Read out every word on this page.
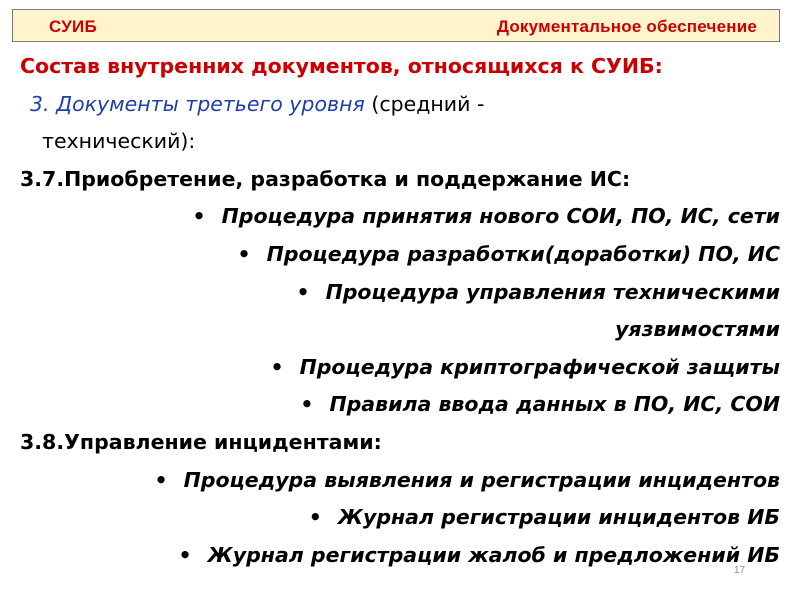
СУИБ	Документальное обеспечение
Состав внутренних документов, относящихся к СУИБ:
3. Документы третьего уровня (средний -
технический):
3.7.Приобретение, разработка и поддержание ИС:
• Процедура принятия нового СОИ, ПО, ИС, сети
• Процедура разработки(доработки) ПО, ИС
• Процедура управления техническими
уязвимостями
• Процедура криптографической защиты
• Правила ввода данных в ПО, ИС, СОИ
3.8.Управление инцидентами:
• Процедура выявления и регистрации инцидентов
• Журнал регистрации инцидентов ИБ
• Журнал регистрации жалоб и предложений ИБ
17
